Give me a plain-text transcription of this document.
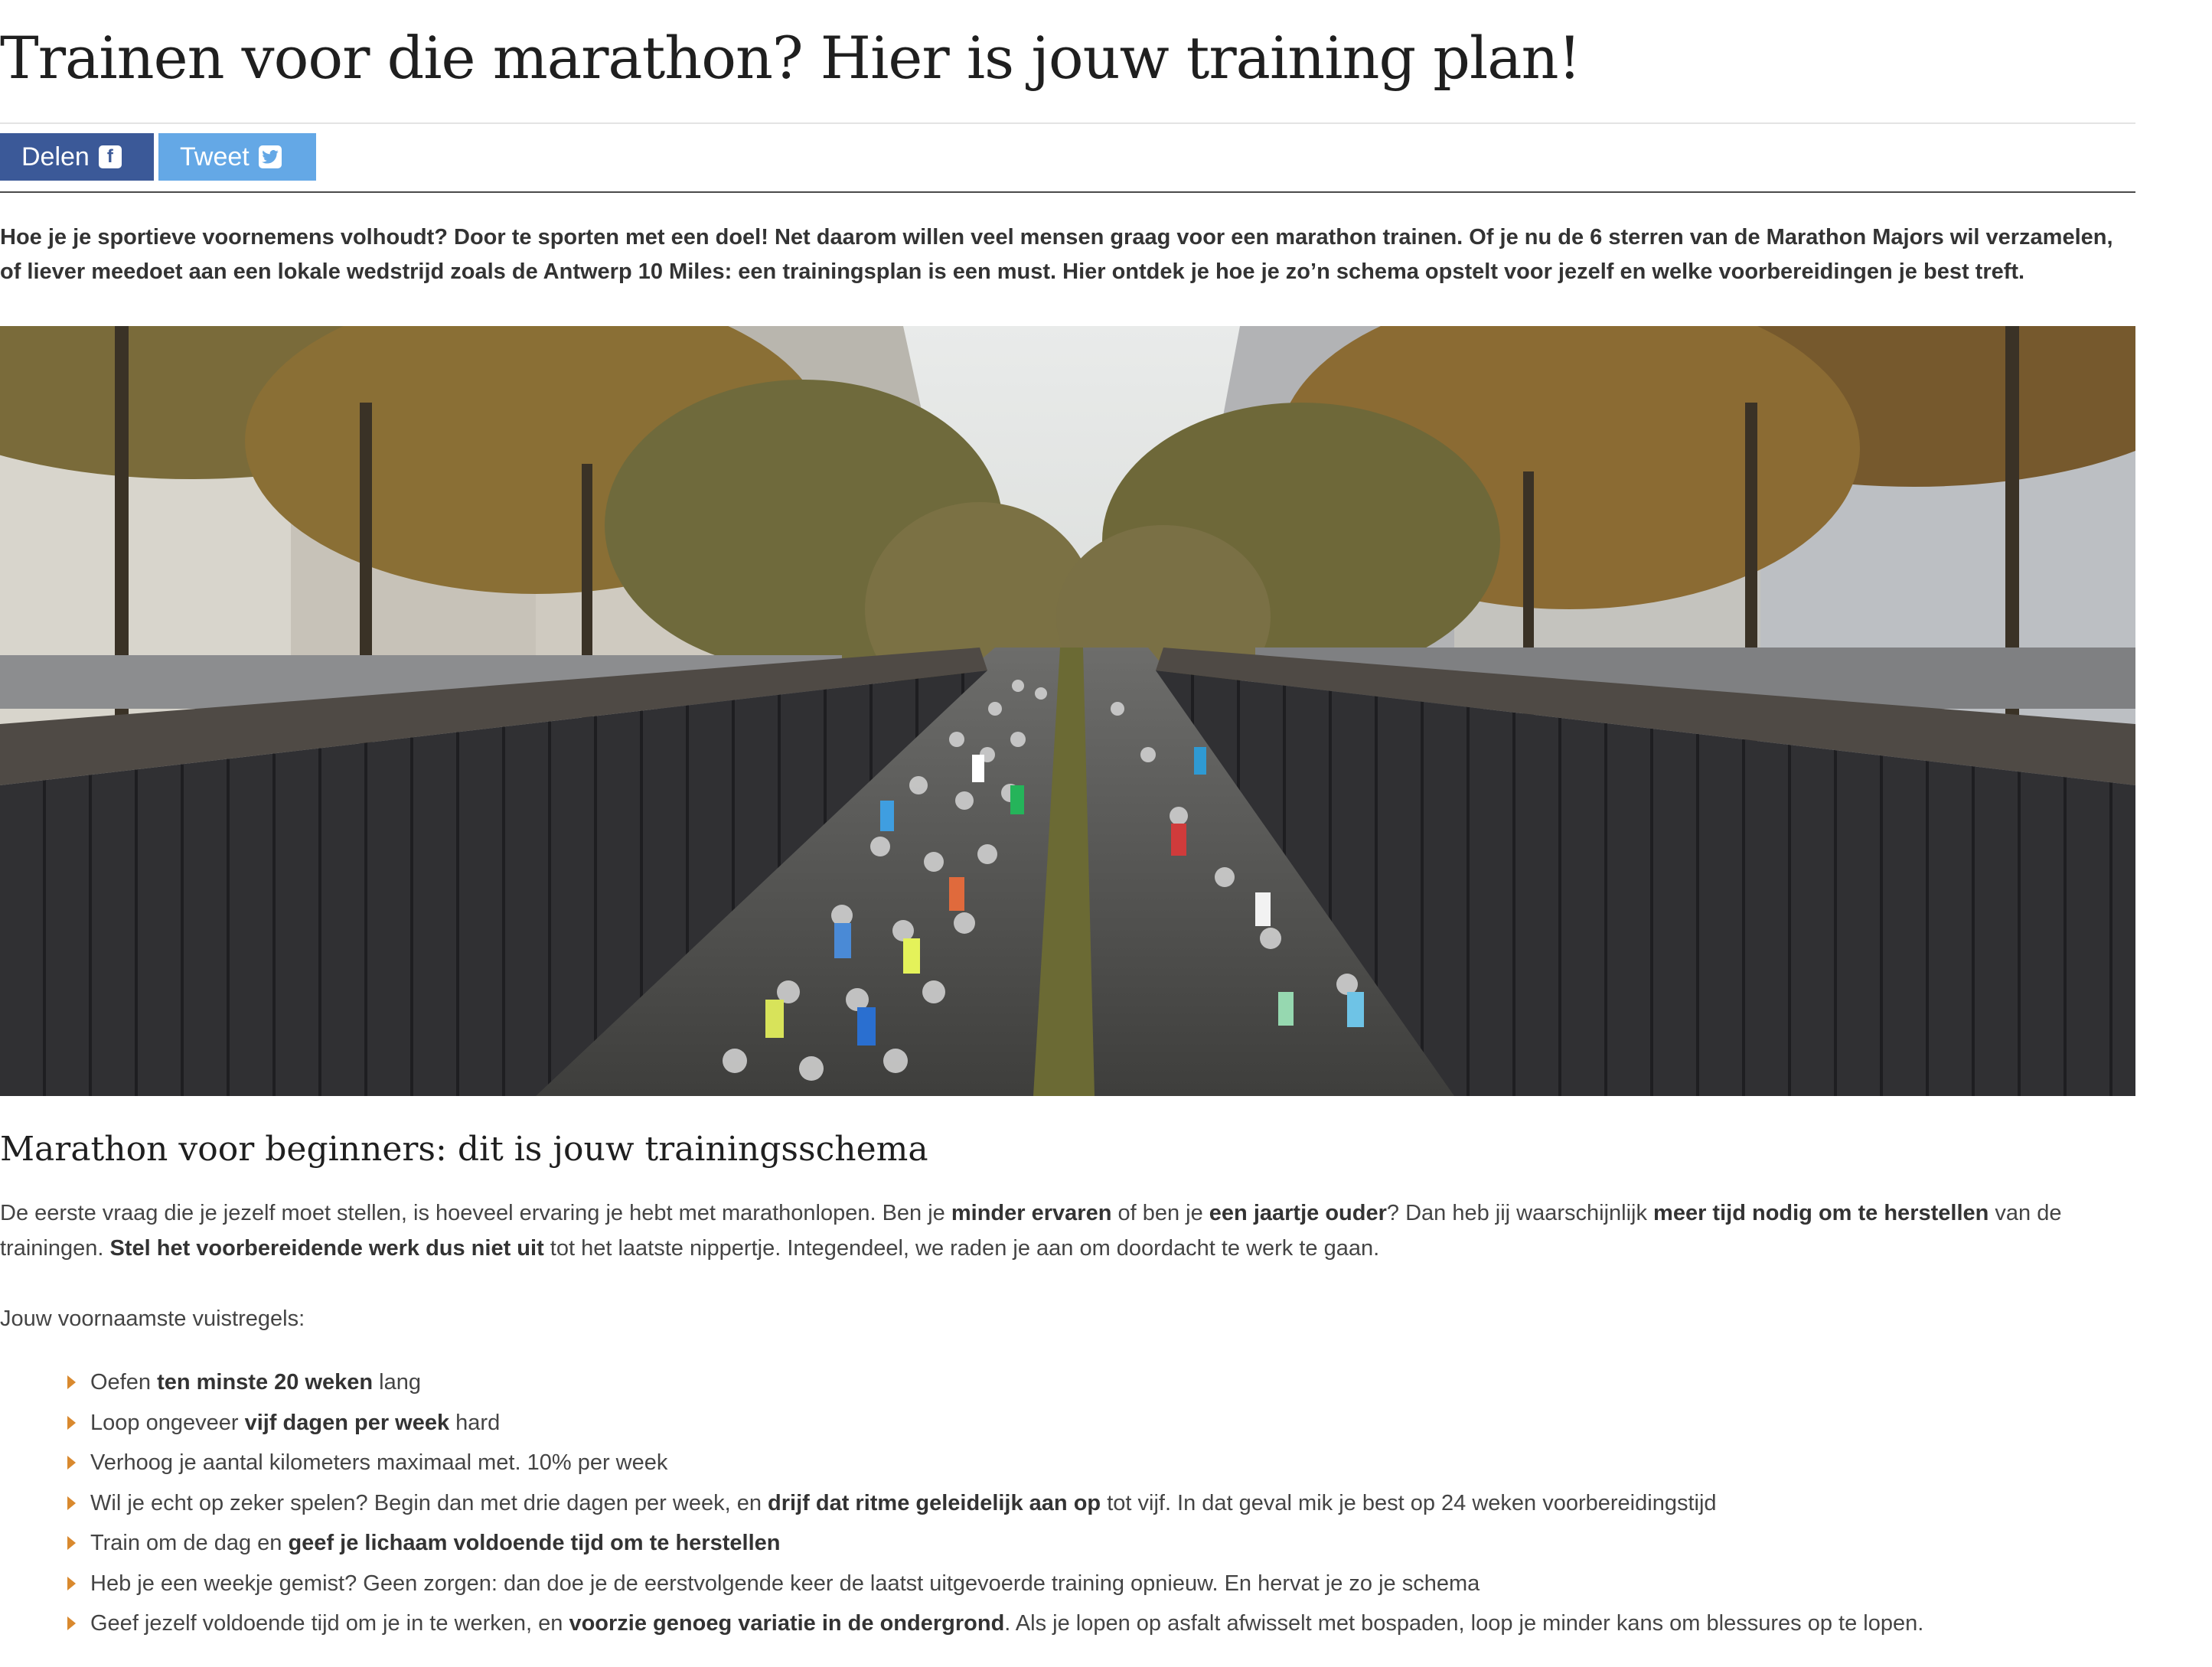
Trainen voor die marathon? Hier is jouw training plan!
Delen f	Tweet

Hoe je je sportieve voornemens volhoudt? Door te sporten met een doel! Net daarom willen veel mensen graag voor een marathon trainen. Of je nu de 6 sterren van de Marathon Majors wil verzamelen, of liever meedoet aan een lokale wedstrijd zoals de Antwerp 10 Miles: een trainingsplan is een must. Hier ontdek je hoe je zo’n schema opstelt voor jezelf en welke voorbereidingen je best treft.

Marathon voor beginners: dit is jouw trainingsschema

De eerste vraag die je jezelf moet stellen, is hoeveel ervaring je hebt met marathonlopen. Ben je minder ervaren of ben je een jaartje ouder? Dan heb jij waarschijnlijk meer tijd nodig om te herstellen van de trainingen. Stel het voorbereidende werk dus niet uit tot het laatste nippertje. Integendeel, we raden je aan om doordacht te werk te gaan.

Jouw voornaamste vuistregels:

Oefen ten minste 20 weken lang
Loop ongeveer vijf dagen per week hard
Verhoog je aantal kilometers maximaal met. 10% per week
Wil je echt op zeker spelen? Begin dan met drie dagen per week, en drijf dat ritme geleidelijk aan op tot vijf. In dat geval mik je best op 24 weken voorbereidingstijd
Train om de dag en geef je lichaam voldoende tijd om te herstellen
Heb je een weekje gemist? Geen zorgen: dan doe je de eerstvolgende keer de laatst uitgevoerde training opnieuw. En hervat je zo je schema
Geef jezelf voldoende tijd om je in te werken, en voorzie genoeg variatie in de ondergrond. Als je lopen op asfalt afwisselt met bospaden, loop je minder kans om blessures op te lopen.
